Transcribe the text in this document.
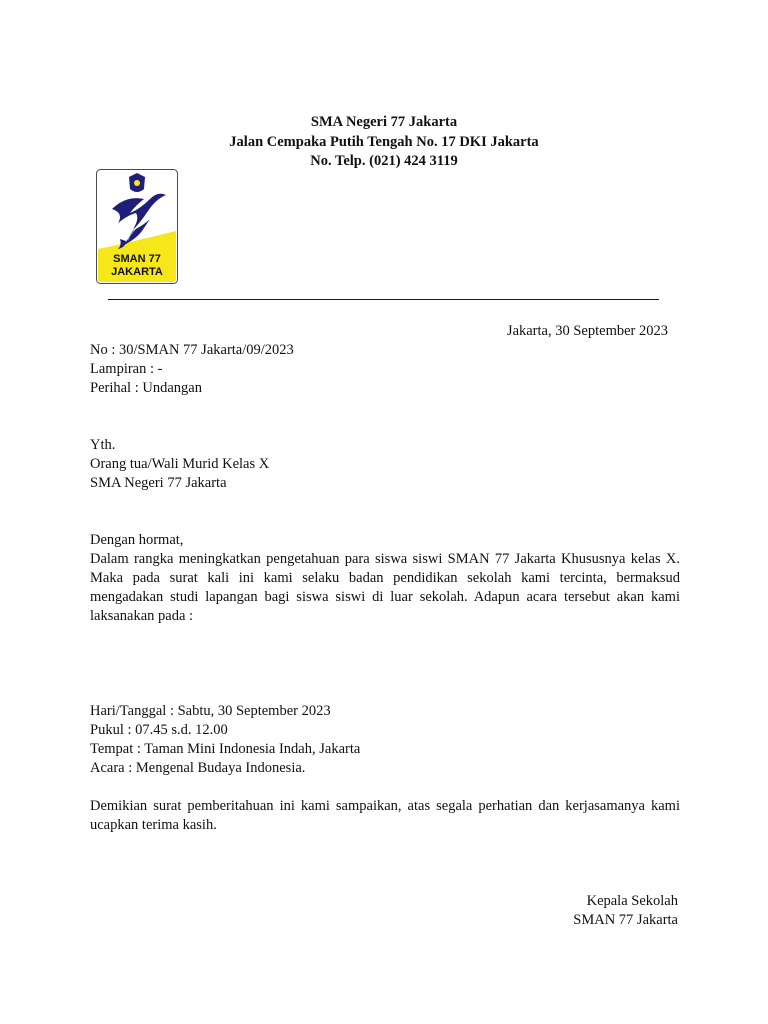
SMA Negeri 77 Jakarta
Jalan Cempaka Putih Tengah No. 17 DKI Jakarta
No. Telp. (021) 424 3119
SMAN 77
JAKARTA
Jakarta, 30 September 2023
No : 30/SMAN 77 Jakarta/09/2023
Lampiran : -
Perihal : Undangan
Yth.
Orang tua/Wali Murid Kelas X
SMA Negeri 77 Jakarta
Dengan hormat,
Dalam rangka meningkatkan pengetahuan para siswa siswi SMAN 77 Jakarta Khususnya kelas X. Maka pada surat kali ini kami selaku badan pendidikan sekolah kami tercinta, bermaksud mengadakan studi lapangan bagi siswa siswi di luar sekolah. Adapun acara tersebut akan kami laksanakan pada :
Hari/Tanggal : Sabtu, 30 September 2023
Pukul : 07.45 s.d. 12.00
Tempat : Taman Mini Indonesia Indah, Jakarta
Acara : Mengenal Budaya Indonesia.
Demikian surat pemberitahuan ini kami sampaikan, atas segala perhatian dan kerjasamanya kami ucapkan terima kasih.
Kepala Sekolah
SMAN 77 Jakarta
